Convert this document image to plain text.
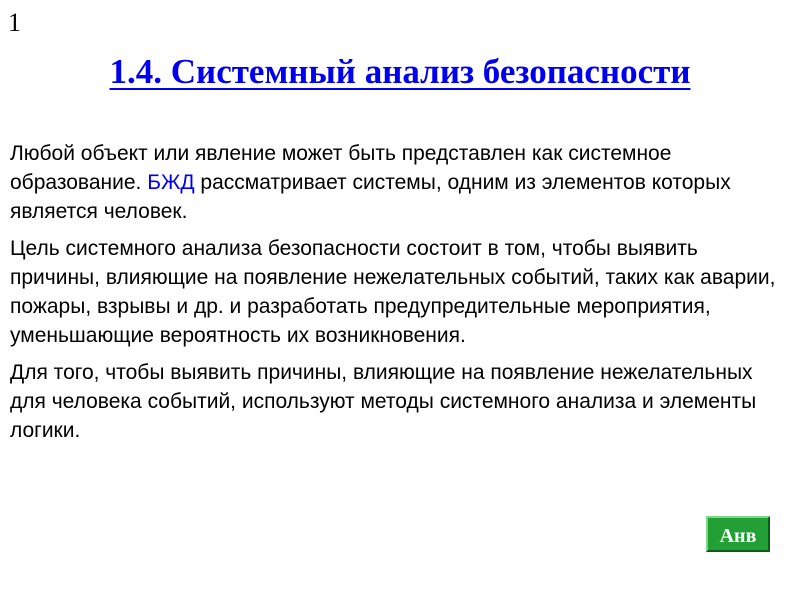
1
1.4. Системный анализ безопасности

Любой объект или явление может быть представлен как системное образование. БЖД рассматривает системы, одним из элементов которых является человек.

Цель системного анализа безопасности состоит в том, чтобы выявить причины, влияющие на появление нежелательных событий, таких как аварии, пожары, взрывы и др. и разработать предупредительные мероприятия, уменьшающие вероятность их возникновения.

Для того, чтобы выявить причины, влияющие на появление нежелательных для человека событий, используют методы системного анализа и элементы логики.

Анв
